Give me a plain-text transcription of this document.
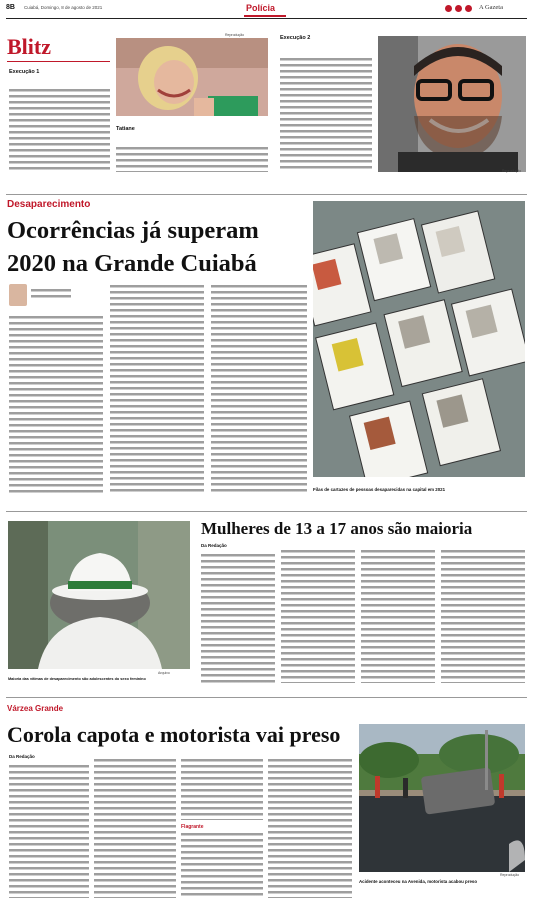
8B Cuiabá, Domingo, 8 de agosto de 2021	Polícia	A Gazeta
Blitz
Execução 1
Reprodução
Tatiane
Execução 2
Reprodução
Desaparecimento
Ocorrências já superam
2020 na Grande Cuiabá
Reprodução
Filas de cartazes de pessoas desaparecidas na capital em 2021
Arquivo
Maioria das vítimas de desaparecimento são adolescentes do sexo feminino
Mulheres de 13 a 17 anos são maioria
Da Redação
Várzea Grande
Corola capota e motorista vai preso
Da Redação
Flagrante
Reprodução
Acidente aconteceu na Avenida, motorista acabou preso
